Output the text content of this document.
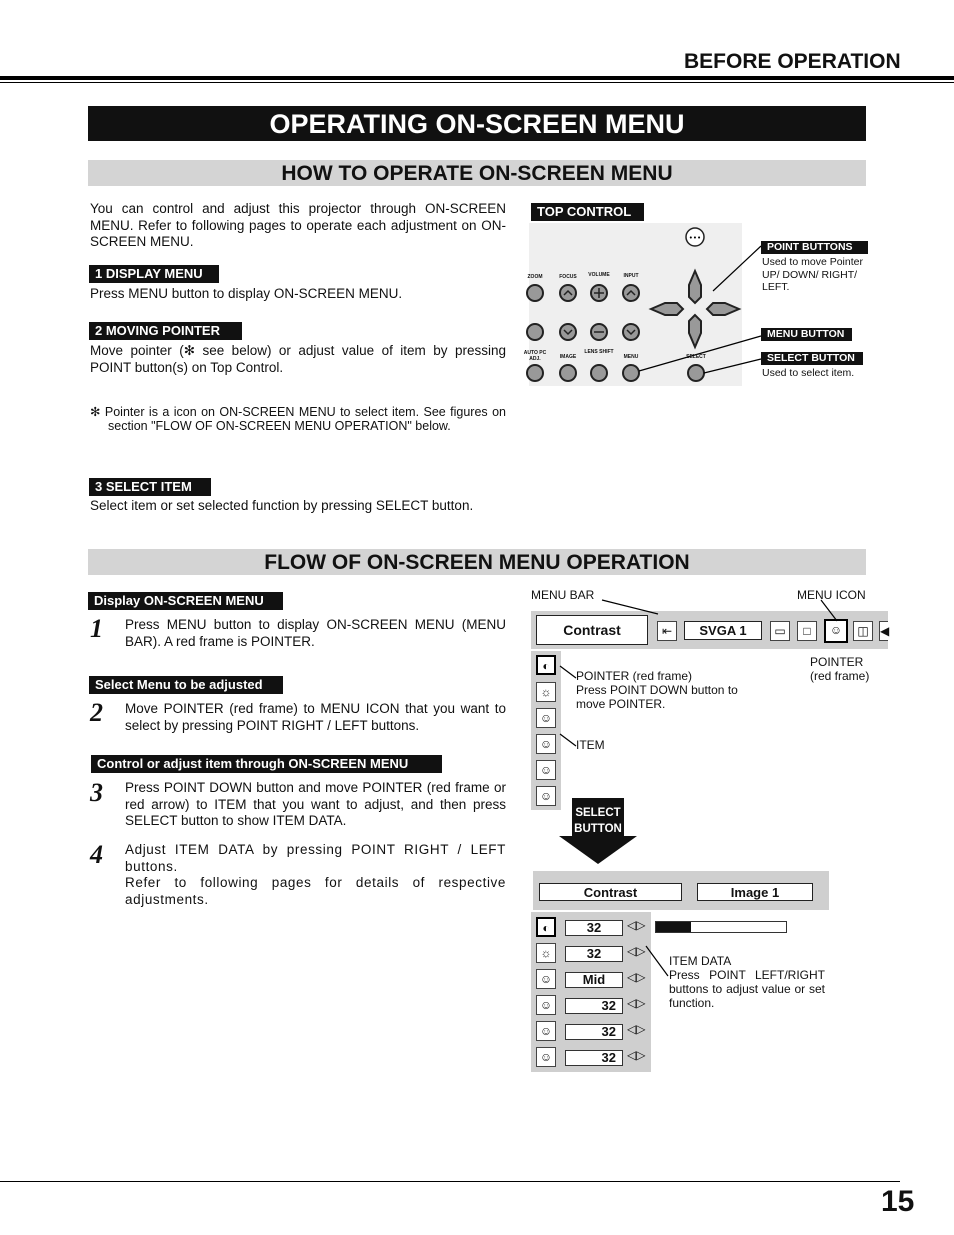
BEFORE OPERATION
OPERATING ON-SCREEN MENU
HOW TO OPERATE ON-SCREEN MENU
You can control and adjust this projector through ON-SCREEN MENU. Refer to following pages to operate each adjustment on ON-SCREEN MENU.
1 DISPLAY MENU
Press MENU button to display ON-SCREEN MENU.
2 MOVING POINTER
Move pointer (✻ see below) or adjust value of item by pressing POINT button(s) on Top Control.
✻ Pointer is a icon on ON-SCREEN MENU to select item. See figures on section "FLOW OF ON-SCREEN MENU OPERATION" below.
3 SELECT ITEM
Select item or set selected function by pressing SELECT button.
TOP CONTROL
•••
ZOOM	FOCUS	VOLUME	INPUT
AUTO PC ADJ.	IMAGE
LENS SHIFT
MENU	SELECT
POINT BUTTONS
Used to move Pointer UP/ DOWN/ RIGHT/ LEFT.
MENU BUTTON
SELECT BUTTON
Used to select item.
FLOW OF ON-SCREEN MENU OPERATION
Display ON-SCREEN MENU
1 Press MENU button to display ON-SCREEN MENU (MENU BAR). A red frame is POINTER.
Select Menu to be adjusted
2 Move POINTER (red frame) to MENU ICON that you want to select by pressing POINT RIGHT / LEFT buttons.
Control or adjust item through ON-SCREEN MENU
3 Press POINT DOWN button and move POINTER (red frame or red arrow) to ITEM that you want to adjust, and then press SELECT button to show ITEM DATA.
4 Adjust ITEM DATA by pressing POINT RIGHT / LEFT buttons.
Refer to following pages for details of respective adjustments.
MENU BAR	MENU ICON
Contrast	⇤	SVGA 1	▭	□	☺	◫ ◀
POINTER
(red frame)
◐
☼
☺
☺
☺
☺
POINTER (red frame)
Press POINT DOWN button to move POINTER.
ITEM
SELECT
BUTTON
Contrast	Image 1
◐	32	◁▷
☼	32	◁▷
☺	Mid	◁▷
☺	32 ◁▷
☺	32 ◁▷
☺	32 ◁▷
ITEM DATA
Press POINT LEFT/RIGHT buttons to adjust value or set function.
15
